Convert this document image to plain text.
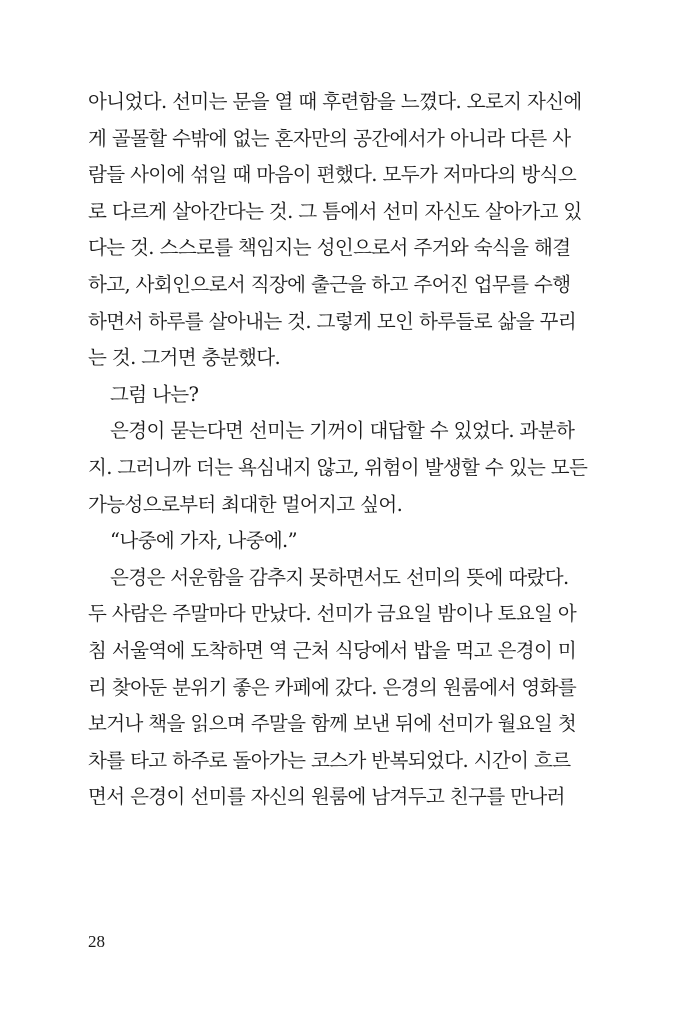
아니었다. 선미는 문을 열 때 후련함을 느꼈다. 오로지 자신에
게 골몰할 수밖에 없는 혼자만의 공간에서가 아니라 다른 사
람들 사이에 섞일 때 마음이 편했다. 모두가 저마다의 방식으
로 다르게 살아간다는 것. 그 틈에서 선미 자신도 살아가고 있
다는 것. 스스로를 책임지는 성인으로서 주거와 숙식을 해결
하고, 사회인으로서 직장에 출근을 하고 주어진 업무를 수행
하면서 하루를 살아내는 것. 그렇게 모인 하루들로 삶을 꾸리
는 것. 그거면 충분했다.
그럼 나는?
은경이 묻는다면 선미는 기꺼이 대답할 수 있었다. 과분하
지. 그러니까 더는 욕심내지 않고, 위험이 발생할 수 있는 모든
가능성으로부터 최대한 멀어지고 싶어.
“나중에 가자, 나중에.”
은경은 서운함을 감추지 못하면서도 선미의 뜻에 따랐다.
두 사람은 주말마다 만났다. 선미가 금요일 밤이나 토요일 아
침 서울역에 도착하면 역 근처 식당에서 밥을 먹고 은경이 미
리 찾아둔 분위기 좋은 카페에 갔다. 은경의 원룸에서 영화를
보거나 책을 읽으며 주말을 함께 보낸 뒤에 선미가 월요일 첫
차를 타고 하주로 돌아가는 코스가 반복되었다. 시간이 흐르
면서 은경이 선미를 자신의 원룸에 남겨두고 친구를 만나러
28
